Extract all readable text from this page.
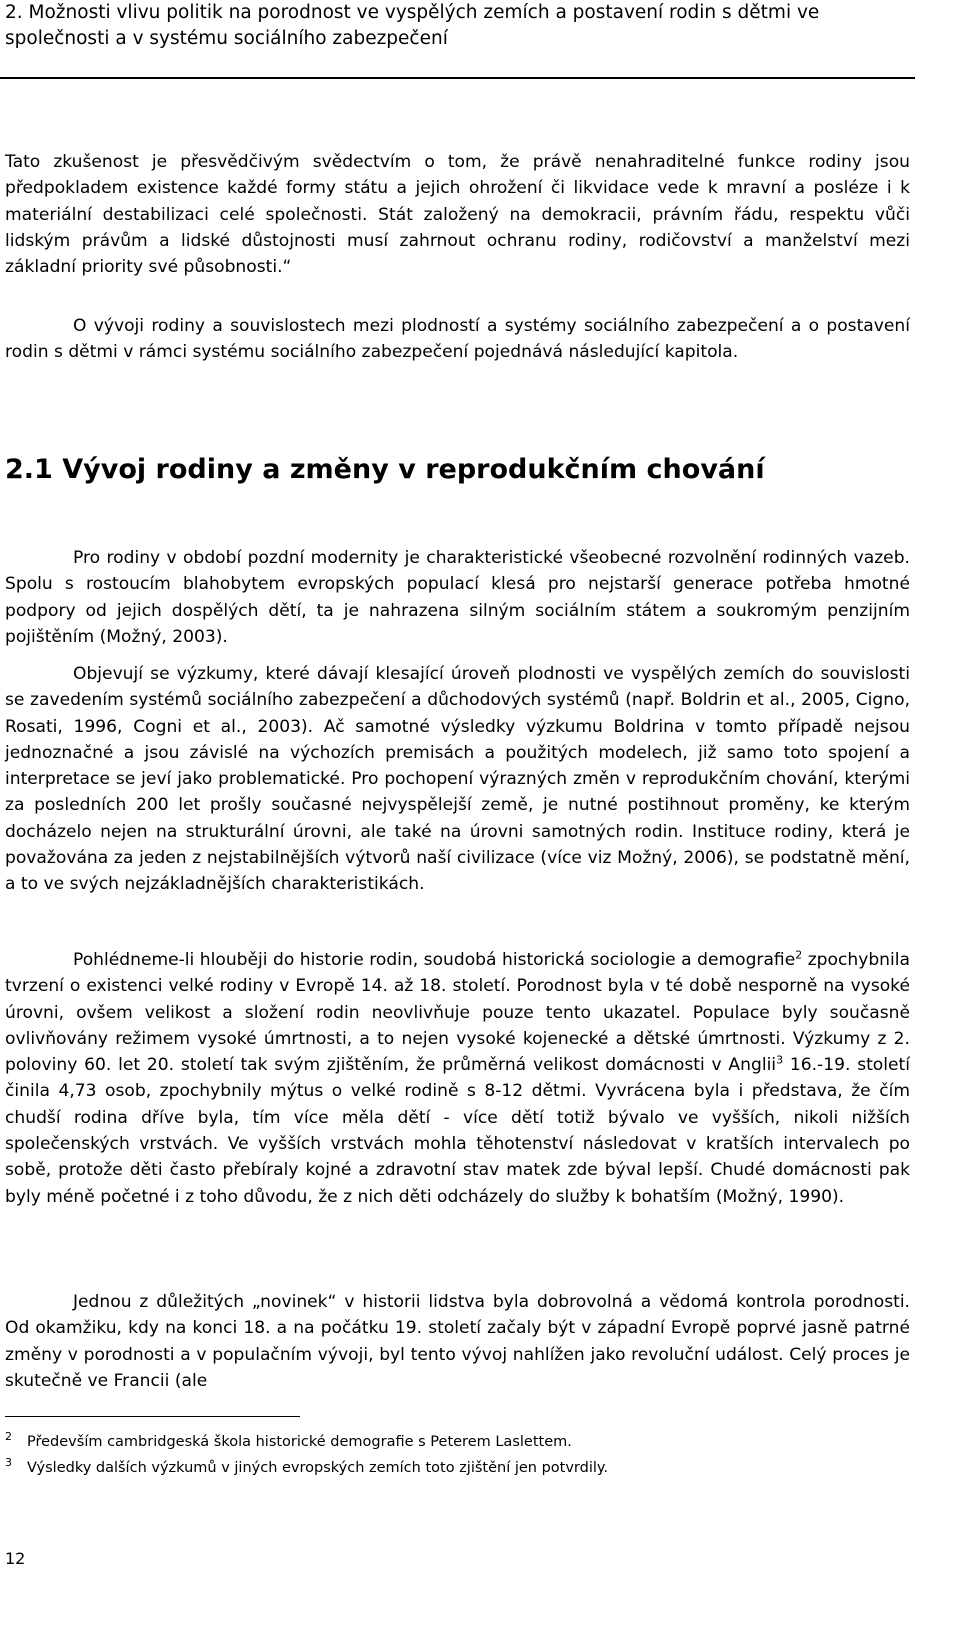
2. Možnosti vlivu politik na porodnost ve vyspělých zemích a postavení rodin s dětmi ve společnosti a v systému sociálního zabezpečení

Tato zkušenost je přesvědčivým svědectvím o tom, že právě nenahraditelné funkce rodiny jsou předpokladem existence každé formy státu a jejich ohrožení či likvidace vede k mravní a posléze i k materiální destabilizaci celé společnosti. Stát založený na demokracii, právním řádu, respektu vůči lidským právům a lidské důstojnosti musí zahrnout ochranu rodiny, rodičovství a manželství mezi základní priority své působnosti.“

O vývoji rodiny a souvislostech mezi plodností a systémy sociálního zabezpečení a o postavení rodin s dětmi v rámci systému sociálního zabezpečení pojednává následující kapitola.

2.1 Vývoj rodiny a změny v reprodukčním chování

Pro rodiny v období pozdní modernity je charakteristické všeobecné rozvolnění rodinných vazeb. Spolu s rostoucím blahobytem evropských populací klesá pro nejstarší generace potřeba hmotné podpory od jejich dospělých dětí, ta je nahrazena silným sociálním státem a soukromým penzijním pojištěním (Možný, 2003).

Objevují se výzkumy, které dávají klesající úroveň plodnosti ve vyspělých zemích do souvislosti se zavedením systémů sociálního zabezpečení a důchodových systémů (např. Boldrin et al., 2005, Cigno, Rosati, 1996, Cogni et al., 2003). Ač samotné výsledky výzkumu Boldrina v tomto případě nejsou jednoznačné a jsou závislé na výchozích premisách a použitých modelech, již samo toto spojení a interpretace se jeví jako problematické. Pro pochopení výrazných změn v reprodukčním chování, kterými za posledních 200 let prošly současné nejvyspělejší země, je nutné postihnout proměny, ke kterým docházelo nejen na strukturální úrovni, ale také na úrovni samotných rodin. Instituce rodiny, která je považována za jeden z nejstabilnějších výtvorů naší civilizace (více viz Možný, 2006), se podstatně mění, a to ve svých nejzákladnějších charakteristikách.

Pohlédneme-li hlouběji do historie rodin, soudobá historická sociologie a demografie$^2$ zpochybnila tvrzení o existenci velké rodiny v Evropě 14. až 18. století. Porodnost byla v té době nesporně na vysoké úrovni, ovšem velikost a složení rodin neovlivňuje pouze tento ukazatel. Populace byly současně ovlivňovány režimem vysoké úmrtnosti, a to nejen vysoké kojenecké a dětské úmrtnosti. Výzkumy z 2. poloviny 60. let 20. století tak svým zjištěním, že průměrná velikost domácnosti v Anglii$^3$ 16.-19. století činila 4,73 osob, zpochybnily mýtus o velké rodině s 8-12 dětmi. Vyvrácena byla i představa, že čím chudší rodina dříve byla, tím více měla dětí - více dětí totiž bývalo ve vyšších, nikoli nižších společenských vrstvách. Ve vyšších vrstvách mohla těhotenství následovat v kratších intervalech po sobě, protože děti často přebíraly kojné a zdravotní stav matek zde býval lepší. Chudé domácnosti pak byly méně početné i z toho důvodu, že z nich děti odcházely do služby k bohatším (Možný, 1990).

Jednou z důležitých „novinek“ v historii lidstva byla dobrovolná a vědomá kontrola porodnosti. Od okamžiku, kdy na konci 18. a na počátku 19. století začaly být v západní Evropě poprvé jasně patrné změny v porodnosti a v populačním vývoji, byl tento vývoj nahlížen jako revoluční událost. Celý proces je skutečně ve Francii (ale

2 Především cambridgeská škola historické demografie s Peterem Laslettem.

3 Výsledky dalších výzkumů v jiných evropských zemích toto zjištění jen potvrdily.

12
